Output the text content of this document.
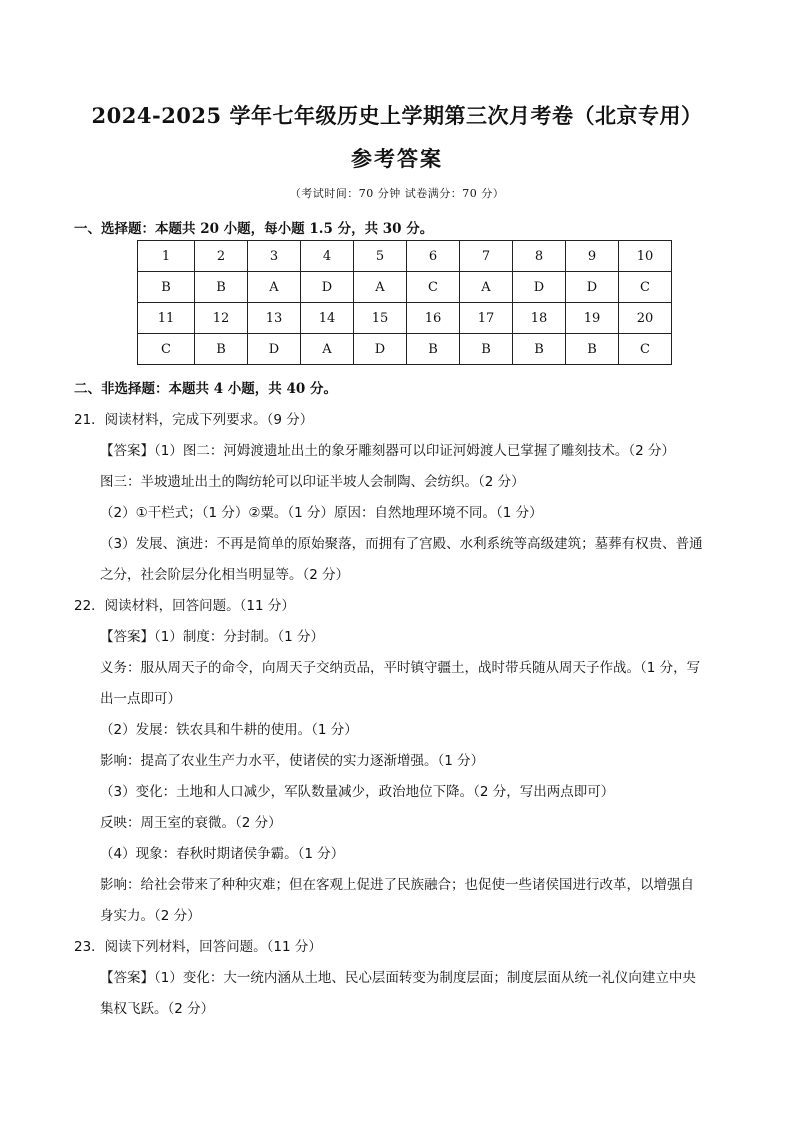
2024-2025 学年七年级历史上学期第三次月考卷（北京专用）
参考答案
（考试时间：70 分钟 试卷满分：70 分）
一、选择题：本题共 20 小题，每小题 1.5 分，共 30 分。
1	2	3	4	5	6	7	8	9	10
B	B	A	D	A	C	A	D	D	C
11	12	13	14	15	16	17	18	19	20
C	B	D	A	D	B	B	B	B	C
二、非选择题：本题共 4 小题，共 40 分。
21．阅读材料，完成下列要求。（9 分）
【答案】（1）图二：河姆渡遗址出土的象牙雕刻器可以印证河姆渡人已掌握了雕刻技术。（2 分）
图三：半坡遗址出土的陶纺轮可以印证半坡人会制陶、会纺织。（2 分）
（2）①干栏式；（1 分）②粟。（1 分）原因：自然地理环境不同。（1 分）
（3）发展、演进：不再是简单的原始聚落，而拥有了宫殿、水利系统等高级建筑；墓葬有权贵、普通
之分，社会阶层分化相当明显等。（2 分）
22．阅读材料，回答问题。（11 分）
【答案】（1）制度：分封制。（1 分）
义务：服从周天子的命令，向周天子交纳贡品，平时镇守疆土，战时带兵随从周天子作战。（1 分，写
出一点即可）
（2）发展：铁农具和牛耕的使用。（1 分）
影响：提高了农业生产力水平，使诸侯的实力逐渐增强。（1 分）
（3）变化：土地和人口减少，军队数量减少，政治地位下降。（2 分，写出两点即可）
反映：周王室的衰微。（2 分）
（4）现象：春秋时期诸侯争霸。（1 分）
影响：给社会带来了种种灾难；但在客观上促进了民族融合；也促使一些诸侯国进行改革，以增强自
身实力。（2 分）
23．阅读下列材料，回答问题。（11 分）
【答案】（1）变化：大一统内涵从土地、民心层面转变为制度层面；制度层面从统一礼仪向建立中央
集权飞跃。（2 分）
